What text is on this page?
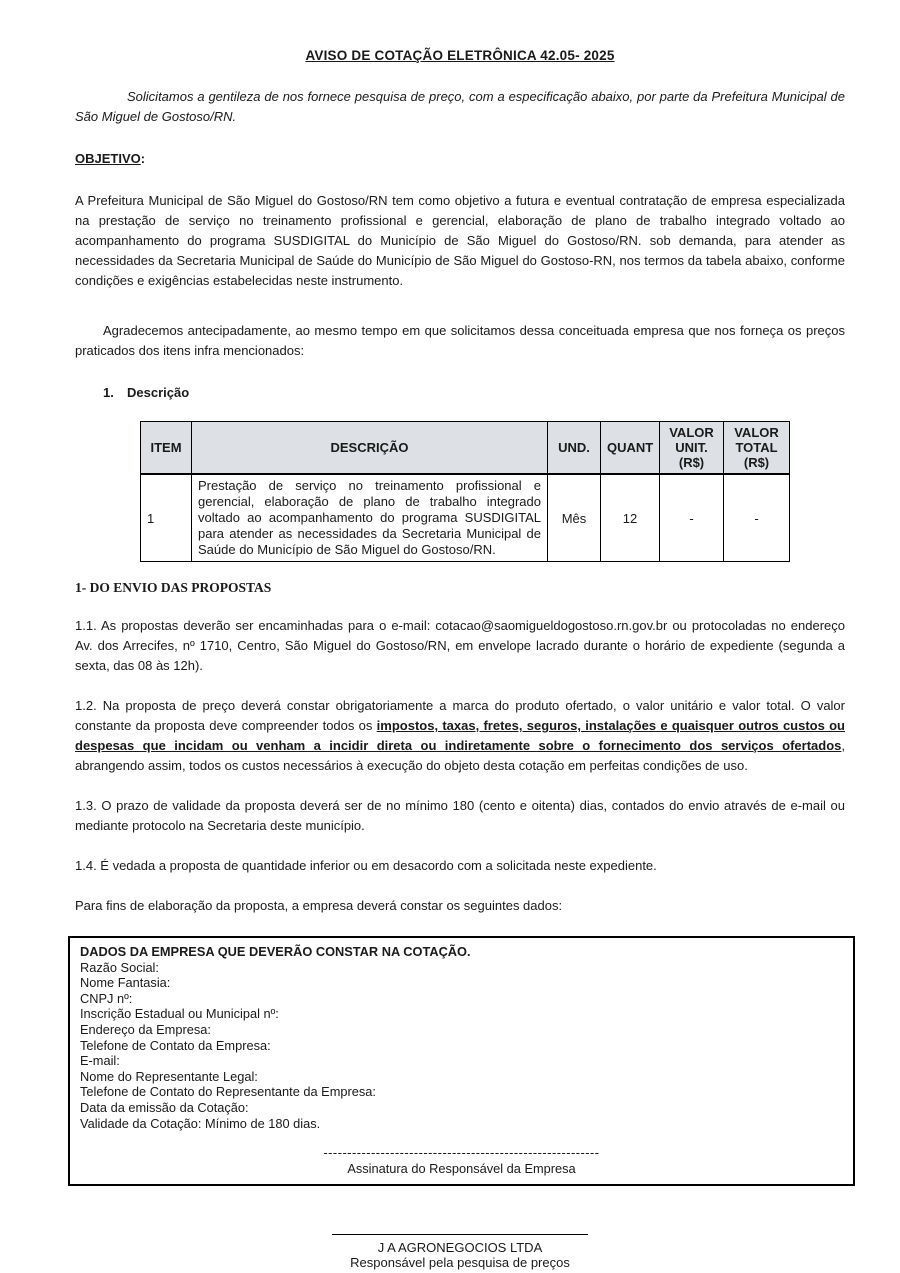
AVISO DE COTAÇÃO ELETRÔNICA 42.05- 2025

Solicitamos a gentileza de nos fornece pesquisa de preço, com a especificação abaixo, por parte da Prefeitura Municipal de São Miguel de Gostoso/RN.

OBJETIVO:

A Prefeitura Municipal de São Miguel do Gostoso/RN tem como objetivo a futura e eventual contratação de empresa especializada na prestação de serviço no treinamento profissional e gerencial, elaboração de plano de trabalho integrado voltado ao acompanhamento do programa SUSDIGITAL do Município de São Miguel do Gostoso/RN. sob demanda, para atender as necessidades da Secretaria Municipal de Saúde do Município de São Miguel do Gostoso-RN, nos termos da tabela abaixo, conforme condições e exigências estabelecidas neste instrumento.

Agradecemos antecipadamente, ao mesmo tempo em que solicitamos dessa conceituada empresa que nos forneça os preços praticados dos itens infra mencionados:

1. Descrição

ITEM	DESCRIÇÃO	UND.	QUANT	VALOR UNIT. (R$)	VALOR TOTAL (R$)
1	Prestação de serviço no treinamento profissional e gerencial, elaboração de plano de trabalho integrado voltado ao acompanhamento do programa SUSDIGITAL para atender as necessidades da Secretaria Municipal de Saúde do Município de São Miguel do Gostoso/RN.	Mês	12	-	-
1- DO ENVIO DAS PROPOSTAS

1.1. As propostas deverão ser encaminhadas para o e-mail: cotacao@saomigueldogostoso.rn.gov.br ou protocoladas no endereço Av. dos Arrecifes, nº 1710, Centro, São Miguel do Gostoso/RN, em envelope lacrado durante o horário de expediente (segunda a sexta, das 08 às 12h).

1.2. Na proposta de preço deverá constar obrigatoriamente a marca do produto ofertado, o valor unitário e valor total. O valor constante da proposta deve compreender todos os impostos, taxas, fretes, seguros, instalações e quaisquer outros custos ou despesas que incidam ou venham a incidir direta ou indiretamente sobre o fornecimento dos serviços ofertados, abrangendo assim, todos os custos necessários à execução do objeto desta cotação em perfeitas condições de uso.

1.3. O prazo de validade da proposta deverá ser de no mínimo 180 (cento e oitenta) dias, contados do envio através de e-mail ou mediante protocolo na Secretaria deste município.

1.4. É vedada a proposta de quantidade inferior ou em desacordo com a solicitada neste expediente.

Para fins de elaboração da proposta, a empresa deverá constar os seguintes dados:

DADOS DA EMPRESA QUE DEVERÃO CONSTAR NA COTAÇÃO.
Razão Social:
Nome Fantasia:
CNPJ nº:
Inscrição Estadual ou Municipal nº:
Endereço da Empresa:
Telefone de Contato da Empresa:
E-mail:
Nome do Representante Legal:
Telefone de Contato do Representante da Empresa:
Data da emissão da Cotação:
Validade da Cotação: Mínimo de 180 dias.
----------------------------------------------------------
Assinatura do Responsável da Empresa
J A AGRONEGOCIOS LTDA
Responsável pela pesquisa de preços
